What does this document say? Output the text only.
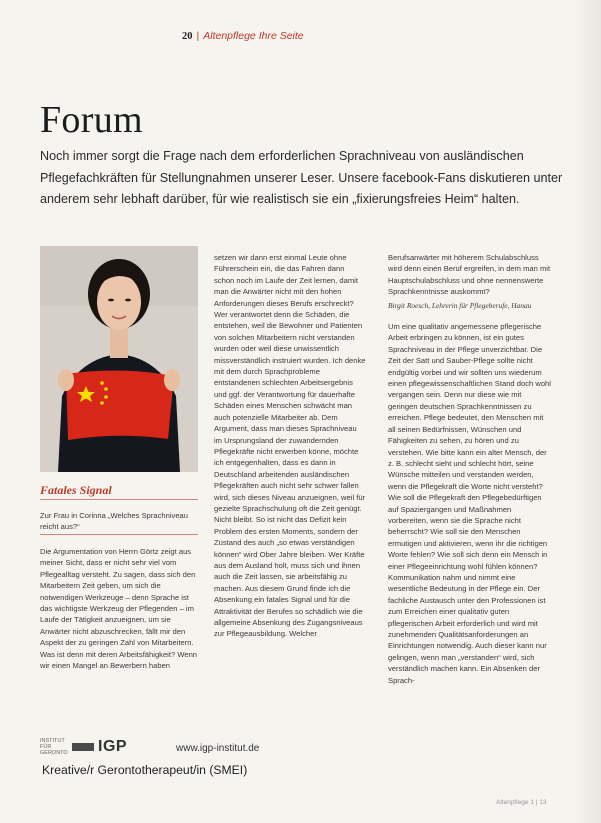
20 | Altenpflege Ihre Seite
Forum

Noch immer sorgt die Frage nach dem erforderlichen Sprachniveau von ausländischen Pflegefachkräften für Stellungnahmen unserer Leser. Unsere facebook-Fans diskutieren unter anderem sehr lebhaft darüber, für wie realistisch sie ein „fixierungsfreies Heim“ halten.

Fatales Signal
Zur Frau in Corinna „Welches Sprachniveau reicht aus?“

Die Argumentation von Herrn Görtz zeigt aus meiner Sicht, dass er nicht sehr viel vom Pflegealltag versteht. Zu sagen, dass sich den Mitarbeitern Zeit geben, um sich die notwendigen Werkzeuge – denn Sprache ist das wichtigste Werkzeug der Pflegenden – im Laufe der Tätigkeit anzueignen, um sie Anwärter nicht abzuschrecken, fällt mir den Aspekt der zu geringen Zahl von Mitarbeitern. Was ist denn mit deren Arbeitsfähigkeit? Wenn wir einen Mangel an Bewerbern haben

setzen wir dann erst einmal Leute ohne Führerschein ein, die das Fahren dann schon noch im Laufe der Zeit lernen, damit man die Anwärter nicht mit den hohen Anforderungen dieses Berufs erschreckt? Wer verantwortet denn die Schäden, die entstehen, weil die Bewohner und Patienten von solchen Mitarbeitern nicht verstanden wurden oder weil diese unwissentlich missverständlich instruiert wurden. Ich denke mit dem durch Sprachprobleme entstandenen schlechten Arbeitsergebnis und ggf. der Verantwortung für dauerhafte Schäden eines Menschen schwächt man auch potenzielle Mitarbeiter ab. Dem Argument, dass man dieses Sprachniveau im Ursprungsland der zuwandernden Pflegekräfte nicht erwerben könne, möchte ich entgegenhalten, dass es dann in Deutschland arbeitenden ausländischen Pflegekräften auch nicht sehr schwer fallen wird, sich dieses Niveau anzueignen, weil für gezielte Sprachschulung oft die Zeit genügt. Nicht bleibt. So ist nicht das Defizit kein Problem des ersten Moments, sondern der Zustand des auch „so etwas verständigen können“ wird Ober Jahre bleiben. Wer Kräfte aus dem Ausland holt, muss sich und ihnen auch die Zeit lassen, sie arbeitsfähig zu machen. Aus diesem Grund finde ich die Absenkung ein fatales Signal und für die Attraktivität der Berufes so schädlich wie die allgemeine Absenkung des Zugangsniveaus zur Pflegeausbildung. Welcher

Berufsanwärter mit höherem Schulabschluss wird denn einen Beruf ergreifen, in dem man mit Hauptschulabschluss und ohne nennenswerte Sprachkenntnisse auskommt?

Birgit Roesch, Lehrerin für Pflegeberufe, Hanau

Um eine qualitativ angemessene pflegerische Arbeit erbringen zu können, ist ein gutes Sprachniveau in der Pflege unverzichtbar. Die Zeit der Satt und Sauber-Pflege sollte nicht endgültig vorbei und wir sollten uns wiederum einen pflegewissenschaftlichen Stand doch wohl vergangen sein. Denn nur diese wie mit geringen deutschen Sprachkenntnissen zu erreichen. Pflege bedeutet, den Menschen mit all seinen Bedürfnissen, Wünschen und Fähigkeiten zu sehen, zu hören und zu verstehen. Wie bitte kann ein alter Mensch, der z. B. schlecht sieht und schlecht hört, seine Wünsche mitteilen und verstanden werden, wenn die Pflegekraft die Worte nicht versteht? Wie soll die Pflegekraft den Pflegebedürftigen auf Spaziergangen und Maßnahmen vorbereiten, wenn sie die Sprache nicht beherrscht? Wie soll sie den Menschen ermutigen und aktivieren, wenn ihr die richtigen Worte fehlen? Wie soll sich denn ein Mensch in einer Pflegeeinrichtung wohl fühlen können? Kommunikation nahm und nimmt eine wesentliche Bedeutung in der Pflege ein. Der fachliche Austausch unter den Professionen ist zum Erreichen einer qualitativ guten pflegerischen Arbeit erforderlich und wird mit zunehmenden Qualitätsanforderungen an Einrichtungen notwendig. Auch dieser kann nur gelingen, wenn man „verstanden“ wird, sich verständlich machen kann. Ein Absenken der Sprach-

INSTITUT FÜR GERONTO IGP	www.igp-institut.de
Kreative/r Gerontotherapeut/in (SMEI)
Altenpflege 1 | 13
